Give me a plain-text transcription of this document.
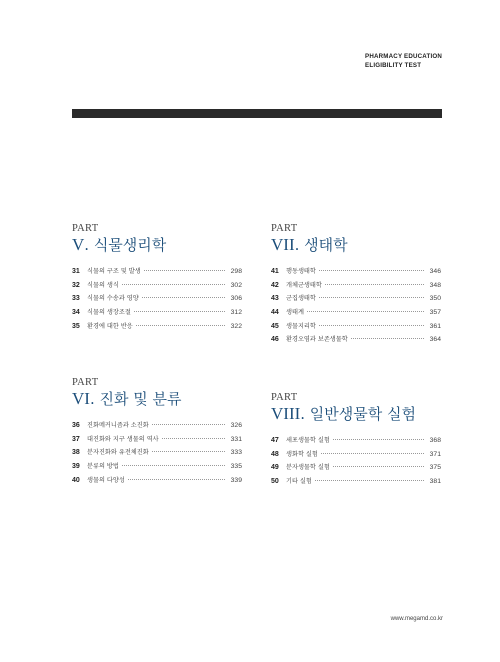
PHARMACY EDUCATION
ELIGIBILITY TEST
PART
V. 식물생리학
31	식물의 구조 및 발생	298
32	식물의 생식	302
33	식물의 수송과 영양	306
34	식물의 생장조절	312
35	환경에 대한 반응	322
PART
VII. 생태학
41	행동생태학	346
42	개체군생태학	348
43	군집생태학	350
44	생태계	357
45	생물지리학	361
46	환경오염과 보존생물학	364
PART
VI. 진화 및 분류
36	진화메커니즘과 소진화	326
37	대진화와 지구 생물의 역사	331
38	분자진화와 유전체진화	333
39	분류의 방법	335
40	생물의 다양성	339
PART
VIII. 일반생물학 실험
47	세포생물학 실험	368
48	생화학 실험	371
49	분자생물학 실험	375
50	기타 실험	381
www.megamd.co.kr
